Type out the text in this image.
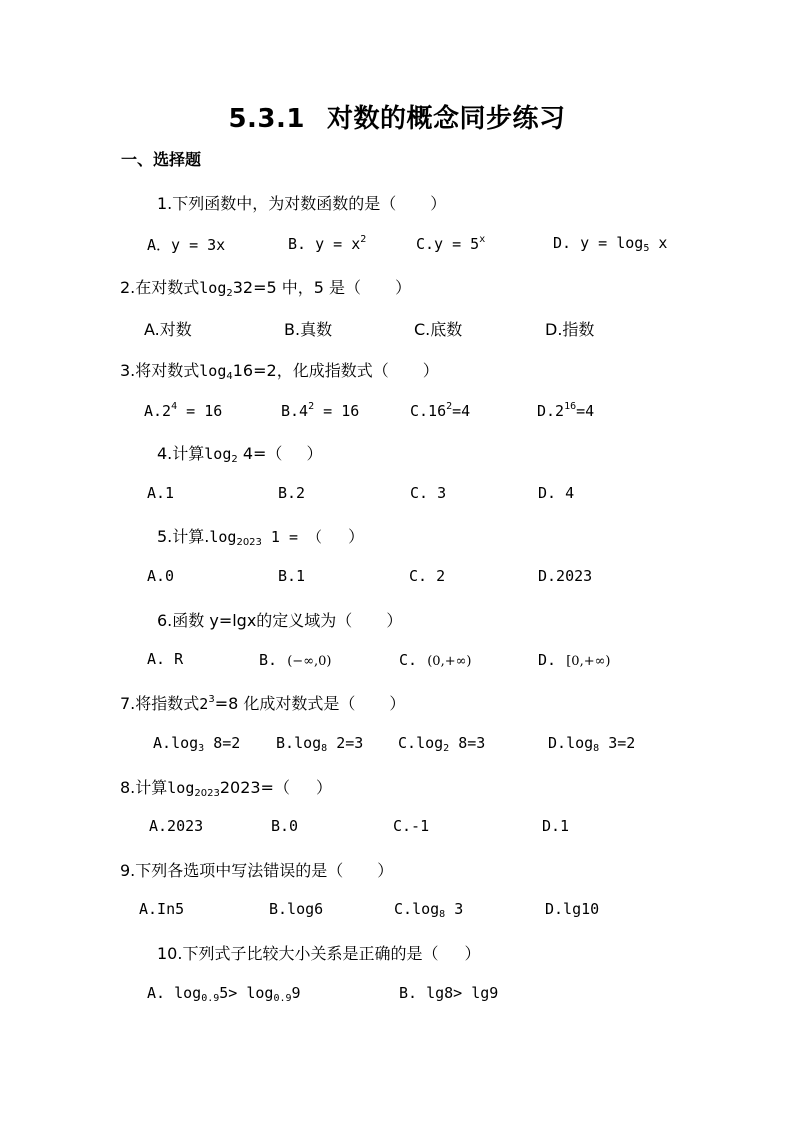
5.3.1 对数的概念同步练习
一、选择题
1.下列函数中，为对数函数的是（ ）
A．y = 3x	B. $y = x^2$	$C.y = 5^x$	D. $y = \log_5 x$
2.在对数式$\log_232=5$ 中，5 是（ ）
A.对数	B.真数	C.底数	D.指数
3.将对数式$\log_416=2$，化成指数式（ ）
$A.2^4 = 16$	$B.4^2 = 16$	$C.16^2=4$	$D.2^{16}=4$
4.计算$\log_2 4=$（ ）
A.1	B.2	C. 3	D. 4
5.计算$.\log_{2023}$ 1 = （ ）
A.0	B.1	C. 2	D.2023
6.函数 y=lgx的定义域为（ ）
A. R	B. (−∞,0)	C. (0,+∞)	D. [0,+∞)
7.将指数式$2^3=8$ 化成对数式是（ ）
$A.\log_3$ 8=2 $B.\log_8$ 2=3 $C.\log_2$ 8=3	$D.\log_8$ 3=2
8.计算$\log_{2023}2023=$（ ）
A.2023	B.0	C.-1	D.1
9.下列各选项中写法错误的是（ ）
A.In5	B.log6	$C.\log_8$ 3	D.lg10
10.下列式子比较大小关系是正确的是（ ）
A. $\log_{0.9}5> \log_{0.9}9$	B. lg8> lg9
